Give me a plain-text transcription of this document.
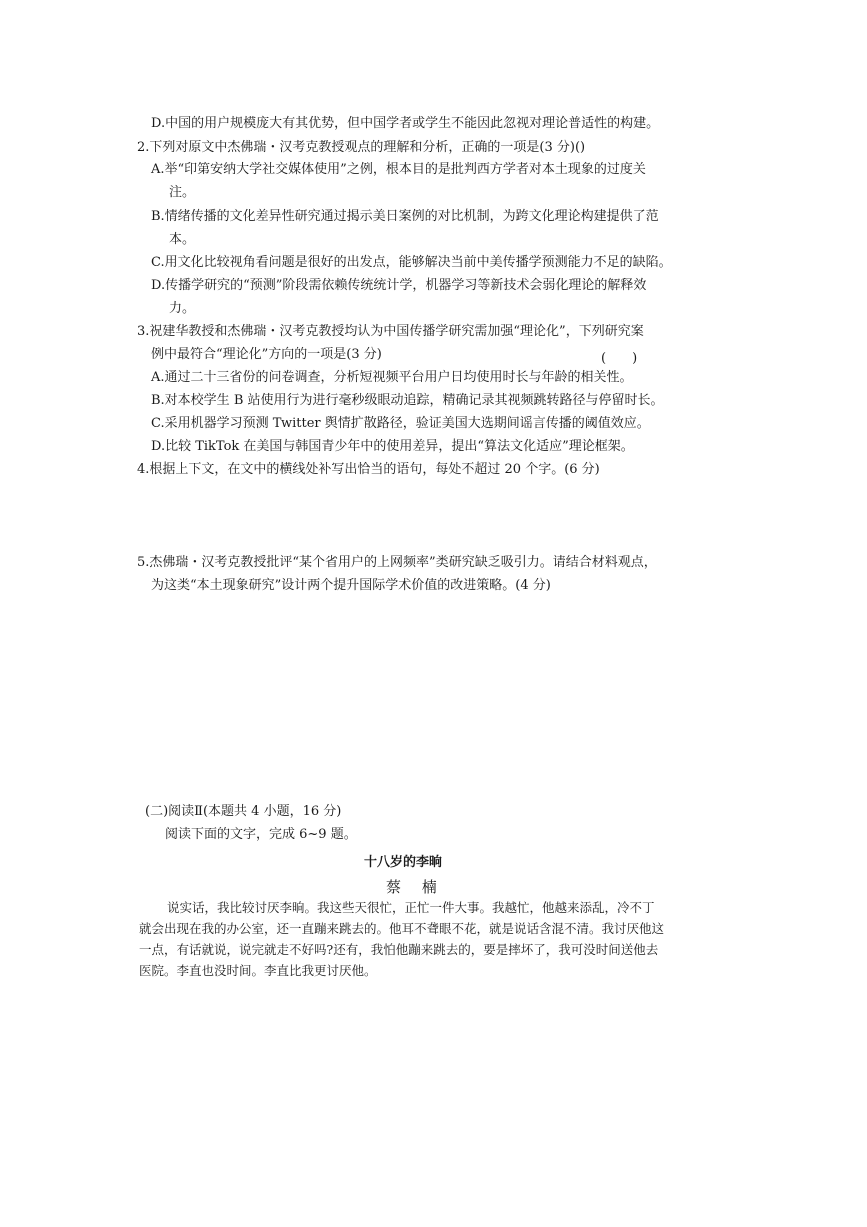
D.中国的用户规模庞大有其优势，但中国学者或学生不能因此忽视对理论普适性的构建。
2.下列对原文中杰佛瑞・汉考克教授观点的理解和分析，正确的一项是(3 分)()
A.举“印第安纳大学社交媒体使用”之例，根本目的是批判西方学者对本土现象的过度关
注。
B.情绪传播的文化差异性研究通过揭示美日案例的对比机制，为跨文化理论构建提供了范
本。
C.用文化比较视角看问题是很好的出发点，能够解决当前中美传播学预测能力不足的缺陷。
D.传播学研究的“预测”阶段需依赖传统统计学，机器学习等新技术会弱化理论的解释效
力。
3.祝建华教授和杰佛瑞・汉考克教授均认为中国传播学研究需加强“理论化”，下列研究案
例中最符合“理论化”方向的一项是(3 分)	(　　)
A.通过二十三省份的问卷调查，分析短视频平台用户日均使用时长与年龄的相关性。
B.对本校学生 B 站使用行为进行毫秒级眼动追踪，精确记录其视频跳转路径与停留时长。
C.采用机器学习预测 Twitter 舆情扩散路径，验证美国大选期间谣言传播的阈值效应。
D.比较 TikTok 在美国与韩国青少年中的使用差异，提出“算法文化适应”理论框架。
4.根据上下文，在文中的横线处补写出恰当的语句，每处不超过 20 个字。(6 分)
5.杰佛瑞・汉考克教授批评“某个省用户的上网频率”类研究缺乏吸引力。请结合材料观点，
为这类“本土现象研究”设计两个提升国际学术价值的改进策略。(4 分)
(二)阅读Ⅱ(本题共 4 小题，16 分)
阅读下面的文字，完成 6~9 题。
十八岁的李晌
蔡 楠
说实话，我比较讨厌李晌。我这些天很忙，正忙一件大事。我越忙，他越来添乱，冷不丁
就会出现在我的办公室，还一直蹦来跳去的。他耳不聋眼不花，就是说话含混不清。我讨厌他这
一点，有话就说，说完就走不好吗?还有，我怕他蹦来跳去的，要是摔坏了，我可没时间送他去
医院。李直也没时间。李直比我更讨厌他。
